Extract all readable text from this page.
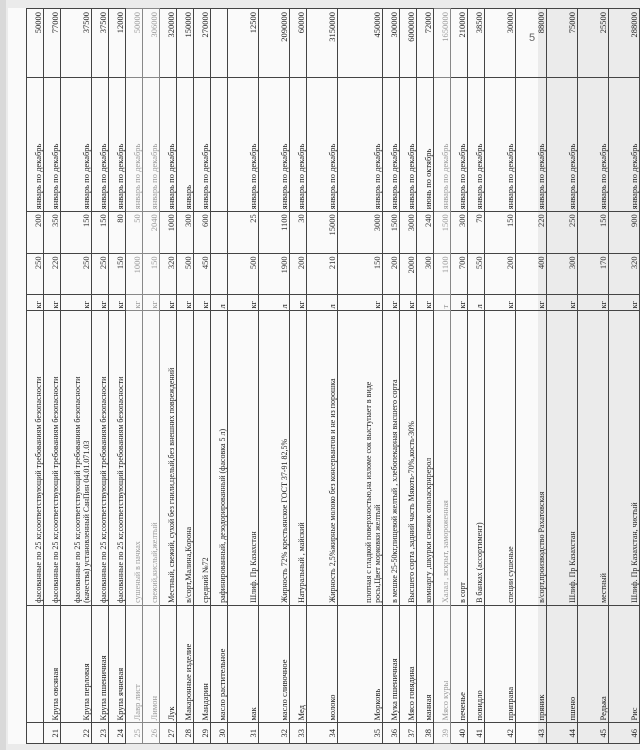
		фасованные по 25 кг,соответствующий требованиям безопасности	кг	250	200	январь по декабрь	50000
21	Крупа овсяная	фасованные по 25 кг,соответствующий требованиям безопасности	кг	220	350	январь по декабрь	77000
22	Крупа перловая	фасованные по 25 кг,соответствующий требованиям безопасности (качества) установленный СанПин 04.01.071.03	кг	250	150	январь по декабрь	37500
23	Крупа пшеничная	фасованные по 25 кг,соответствующий требованиям безопасности	кг	250	150	январь по декабрь	37500
24	Крупа ячневая	фасованные по 25 кг,соответствующий требованиям безопасности	кг	150	80	январь по декабрь	12000
25	Лавр лист	сушеный в пачках	кг	1000	50	январь по декабрь	50000
26	Лимон	свежий,кислый,желтый	кг	150	2040	январь по декабрь	306000
27	Лук	Местный, свежий, сухой без гнили,целый,без внешних повреждений	кг	320	1000	январь по декабрь	320000
28	Макаронные изделие	в/сорт,Малина,Корона	кг	500	300	январь	150000
29	Мандарин	средний №72	кг	450	600	январь по декабрь	270000
30	масло растительное	рафинированный, дезодорированный (фасовка 5 л)	л				
31	мак	Шлиф. Пр Казахстан	кг	500	25	январь по декабрь	12500
32	масло сливочное	Жирность 72% крестьянское ГОСТ 37-91 82,5%	л	1900	1100	январь по декабрь	2090000
33	Мед	Натуральный , майский	кг	200	30	январь по декабрь	60000
34	молоко	Жирность 2,5%жирные молоко без консервантов и не из порошка	л	210	15000	январь по декабрь	3150000
35	Морковь	плотная с гладкой поверхностью,на изломе сок выступает в виде росы,Цвет морковки желтый	кг	150	3000	январь по декабрь	450000
36	Мука пшеничная	в мешке 25-50кг,пищевой желтый , хлебопекарная высшего сорта	кг	200	1500	январь по декабрь	300000
37	Мясо говядина	Высшего сорта ,задний часть Мякоть-70%,кость-30%	кг	2000	3000	январь по декабрь	6000000
38	манная	комнаргу ,шкурки снежок ополаскрнрерол	кг	300	240	июнь по октябрь	72000
39	Мясо куры	Халал , вскрыт, замороженная	т	1100	1500	январь по декабрь	1650000
40	печенье	в сорт	кг	700	300	январь по декабрь	210000
41	повидло	В банках (ассортимент)	л	550	70	январь по декабрь	38500
42	приправа	специи сушеные	кг	200	150	январь по декабрь	30000
43	пряник	в/сорт,производство Рахатовская	кг	400	220	январь по декабрь	88000
44	пшено	Шлиф. Пр Казахстан	кг	300	250	январь по декабрь	75000
45	Редька	местный	кг	170	150	январь по декабрь	25500
46	Рис	Шлиф. Пр Казахстан, чистый	кг	320	900	январь по декабрь	288000
5
